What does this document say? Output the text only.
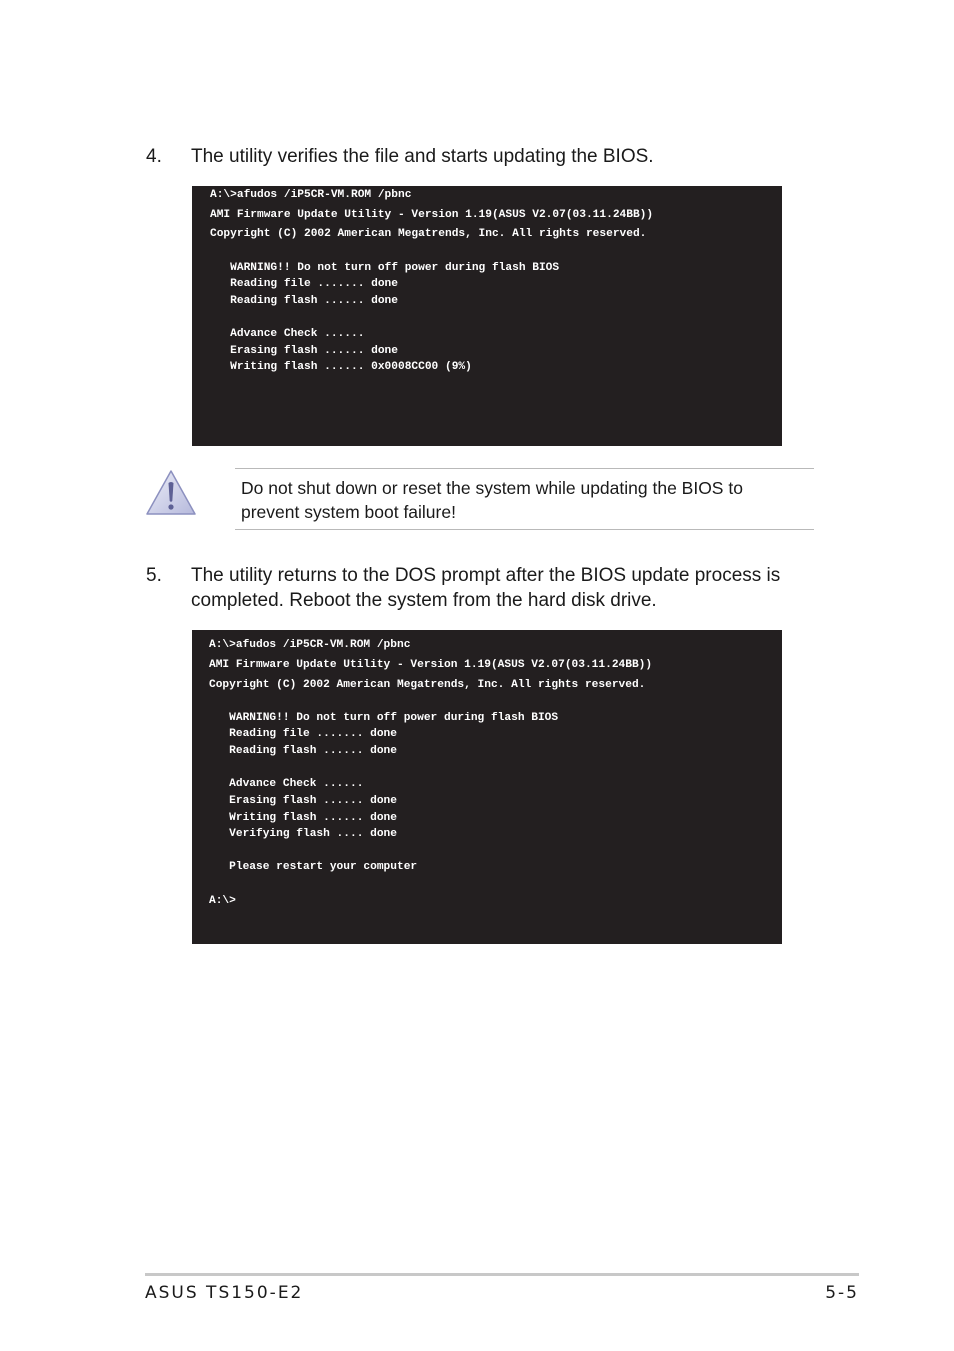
4. The utility verifies the file and starts updating the BIOS.
A:\>afudos /iP5CR-VM.ROM /pbnc
AMI Firmware Update Utility - Version 1.19(ASUS V2.07(03.11.24BB))
Copyright (C) 2002 American Megatrends, Inc. All rights reserved.
WARNING!! Do not turn off power during flash BIOS
Reading file ....... done
Reading flash ...... done
Advance Check ......
Erasing flash ...... done
Writing flash ...... 0x0008CC00 (9%)
Do not shut down or reset the system while updating the BIOS to prevent system boot failure!
5. The utility returns to the DOS prompt after the BIOS update process is completed. Reboot the system from the hard disk drive.
A:\>afudos /iP5CR-VM.ROM /pbnc
AMI Firmware Update Utility - Version 1.19(ASUS V2.07(03.11.24BB))
Copyright (C) 2002 American Megatrends, Inc. All rights reserved.
WARNING!! Do not turn off power during flash BIOS
Reading file ....... done
Reading flash ...... done
Advance Check ......
Erasing flash ...... done
Writing flash ...... done
Verifying flash .... done
Please restart your computer
A:\>
ASUS TS150-E2	5-5
